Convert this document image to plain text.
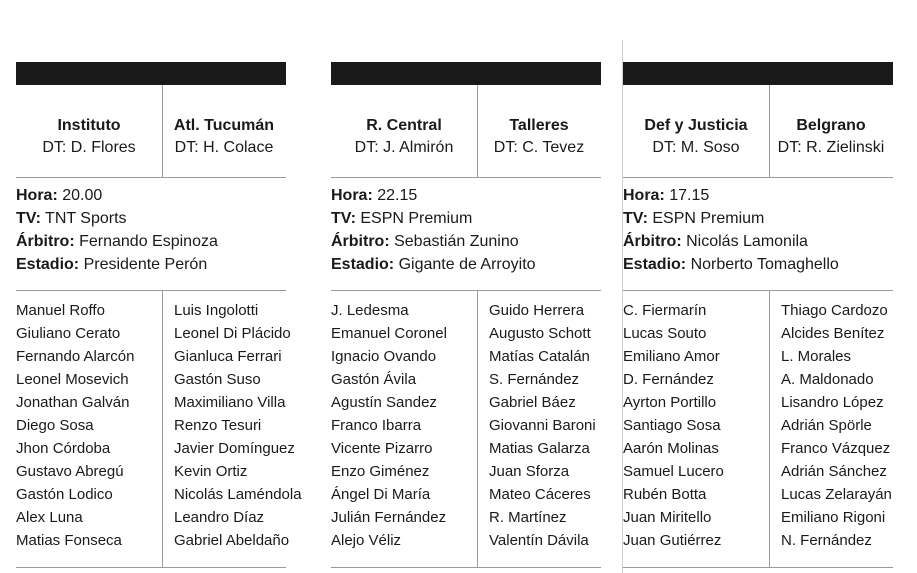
Instituto
DT: D. Flores
Atl. Tucumán
DT: H. Colace
Hora: 20.00
TV: TNT Sports
Árbitro: Fernando Espinoza
Estadio: Presidente Perón
Manuel Roffo
Giuliano Cerato
Fernando Alarcón
Leonel Mosevich
Jonathan Galván
Diego Sosa
Jhon Córdoba
Gustavo Abregú
Gastón Lodico
Alex Luna
Matias Fonseca
Luis Ingolotti
Leonel Di Plácido
Gianluca Ferrari
Gastón Suso
Maximiliano Villa
Renzo Tesuri
Javier Domínguez
Kevin Ortiz
Nicolás Laméndola
Leandro Díaz
Gabriel Abeldaño
R. Central
DT: J. Almirón
Talleres
DT: C. Tevez
Hora: 22.15
TV: ESPN Premium
Árbitro: Sebastián Zunino
Estadio: Gigante de Arroyito
J. Ledesma
Emanuel Coronel
Ignacio Ovando
Gastón Ávila
Agustín Sandez
Franco Ibarra
Vicente Pizarro
Enzo Giménez
Ángel Di María
Julián Fernández
Alejo Véliz
Guido Herrera
Augusto Schott
Matías Catalán
S. Fernández
Gabriel Báez
Giovanni Baroni
Matias Galarza
Juan Sforza
Mateo Cáceres
R. Martínez
Valentín Dávila
Def y Justicia
DT: M. Soso
Belgrano
DT: R. Zielinski
Hora: 17.15
TV: ESPN Premium
Árbitro: Nicolás Lamonila
Estadio: Norberto Tomaghello
C. Fiermarín
Lucas Souto
Emiliano Amor
D. Fernández
Ayrton Portillo
Santiago Sosa
Aarón Molinas
Samuel Lucero
Rubén Botta
Juan Miritello
Juan Gutiérrez
Thiago Cardozo
Alcides Benítez
L. Morales
A. Maldonado
Lisandro López
Adrián Spörle
Franco Vázquez
Adrián Sánchez
Lucas Zelarayán
Emiliano Rigoni
N. Fernández
